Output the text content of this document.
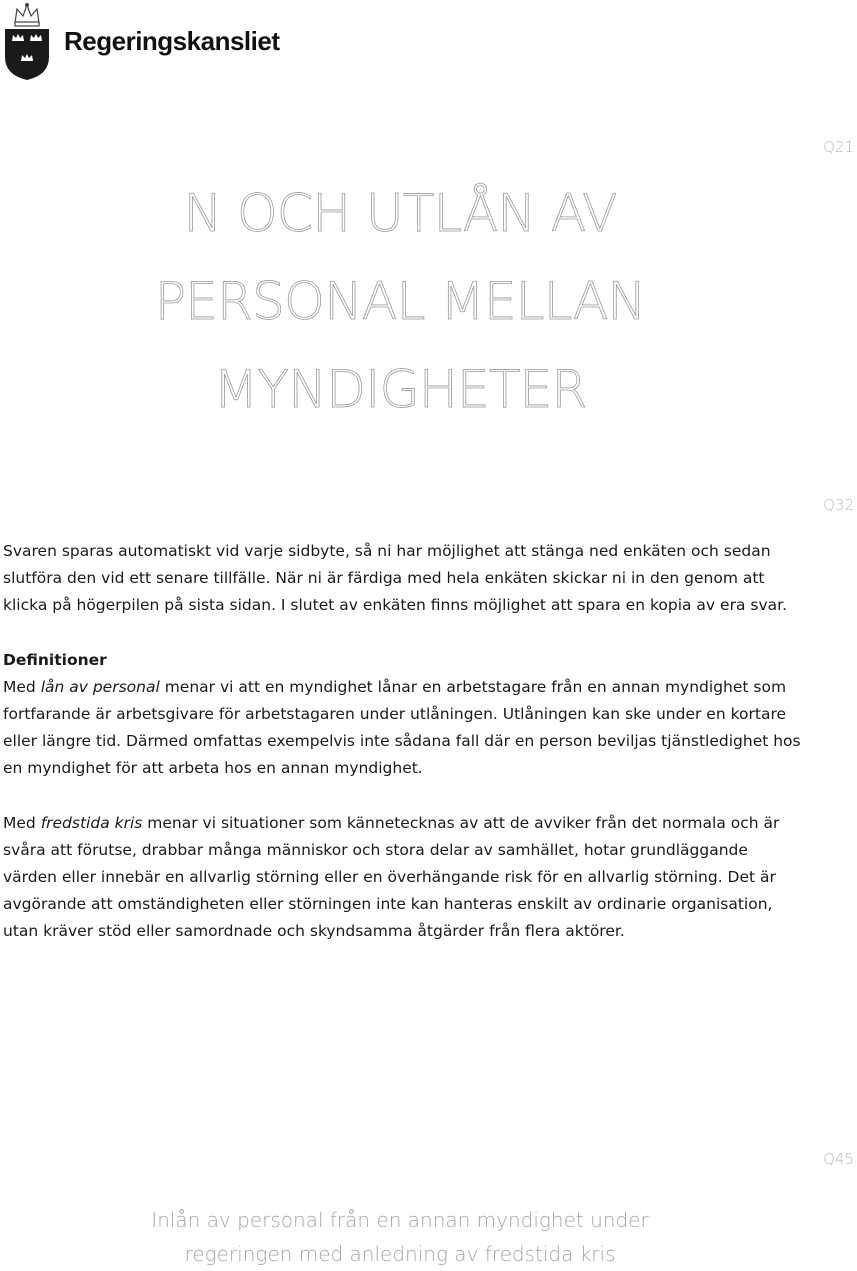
Regeringskansliet
Q21
N OCH UTLÅN AV
PERSONAL MELLAN
MYNDIGHETER
Q32

Svaren sparas automatiskt vid varje sidbyte, så ni har möjlighet att stänga ned enkäten och sedan slutföra den vid ett senare tillfälle. När ni är färdiga med hela enkäten skickar ni in den genom att klicka på högerpilen på sista sidan. I slutet av enkäten finns möjlighet att spara en kopia av era svar.

Definitioner

Med lån av personal menar vi att en myndighet lånar en arbetstagare från en annan myndighet som fortfarande är arbetsgivare för arbetstagaren under utlåningen. Utlåningen kan ske under en kortare eller längre tid. Därmed omfattas exempelvis inte sådana fall där en person beviljas tjänstledighet hos en myndighet för att arbeta hos en annan myndighet.

Med fredstida kris menar vi situationer som kännetecknas av att de avviker från det normala och är svåra att förutse, drabbar många människor och stora delar av samhället, hotar grundläggande värden eller innebär en allvarlig störning eller en överhängande risk för en allvarlig störning. Det är avgörande att omständigheten eller störningen inte kan hanteras enskilt av ordinarie organisation, utan kräver stöd eller samordnade och skyndsamma åtgärder från flera aktörer.

Q45
Inlån av personal från en annan myndighet under
regeringen med anledning av fredstida kris
